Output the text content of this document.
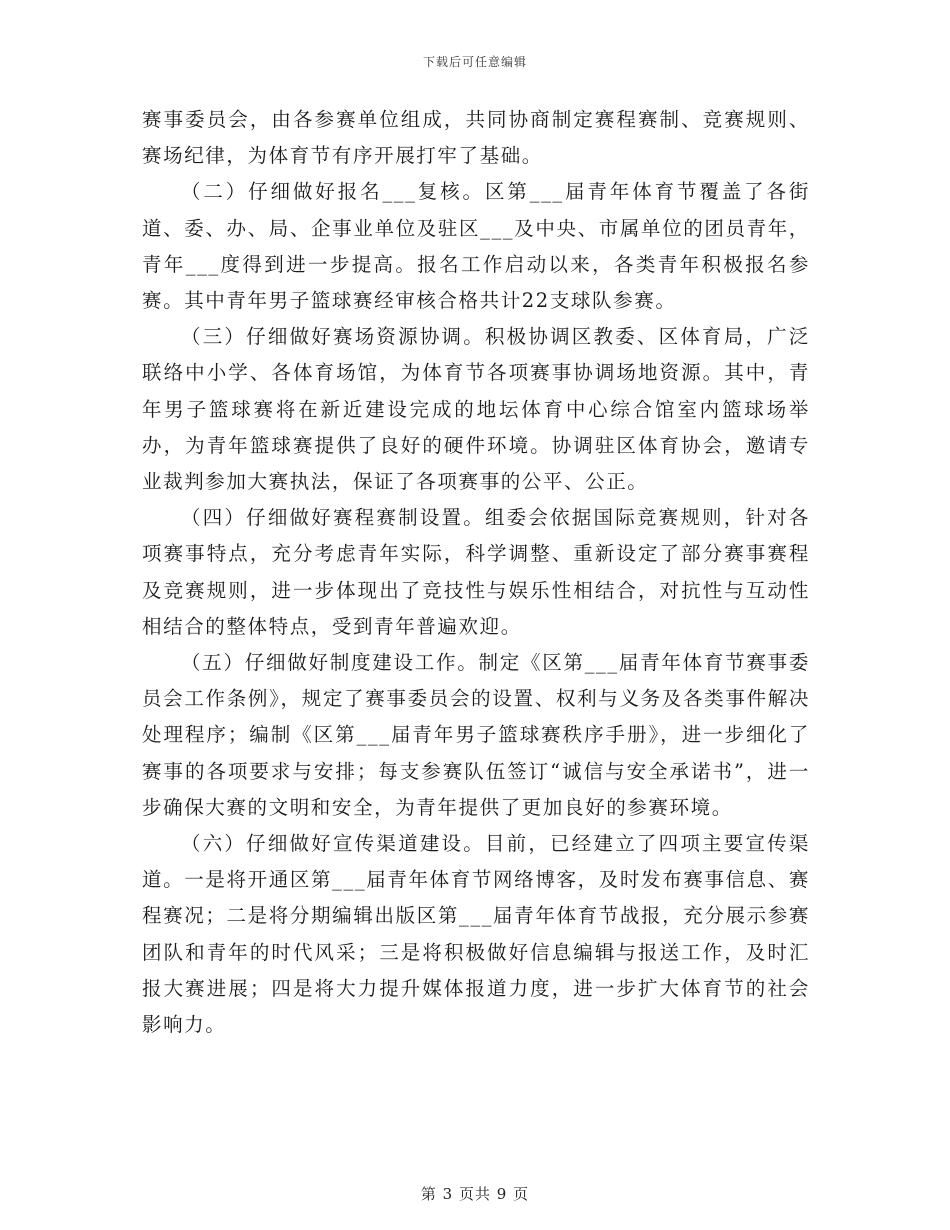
下载后可任意编辑

赛事委员会，由各参赛单位组成，共同协商制定赛程赛制、竞赛规则、赛场纪律，为体育节有序开展打牢了基础。

（二）仔细做好报名___复核。区第___届青年体育节覆盖了各街道、委、办、局、企事业单位及驻区___及中央、市属单位的团员青年，青年___度得到进一步提高。报名工作启动以来，各类青年积极报名参赛。其中青年男子篮球赛经审核合格共计22支球队参赛。

（三）仔细做好赛场资源协调。积极协调区教委、区体育局，广泛联络中小学、各体育场馆，为体育节各项赛事协调场地资源。其中，青年男子篮球赛将在新近建设完成的地坛体育中心综合馆室内篮球场举办，为青年篮球赛提供了良好的硬件环境。协调驻区体育协会，邀请专业裁判参加大赛执法，保证了各项赛事的公平、公正。

（四）仔细做好赛程赛制设置。组委会依据国际竞赛规则，针对各项赛事特点，充分考虑青年实际，科学调整、重新设定了部分赛事赛程及竞赛规则，进一步体现出了竞技性与娱乐性相结合，对抗性与互动性相结合的整体特点，受到青年普遍欢迎。

（五）仔细做好制度建设工作。制定《区第___届青年体育节赛事委员会工作条例》，规定了赛事委员会的设置、权利与义务及各类事件解决处理程序；编制《区第___届青年男子篮球赛秩序手册》，进一步细化了赛事的各项要求与安排；每支参赛队伍签订“诚信与安全承诺书”，进一步确保大赛的文明和安全，为青年提供了更加良好的参赛环境。

（六）仔细做好宣传渠道建设。目前，已经建立了四项主要宣传渠道。一是将开通区第___届青年体育节网络博客，及时发布赛事信息、赛程赛况；二是将分期编辑出版区第___届青年体育节战报，充分展示参赛团队和青年的时代风采；三是将积极做好信息编辑与报送工作，及时汇报大赛进展；四是将大力提升媒体报道力度，进一步扩大体育节的社会影响力。

第 3 页共 9 页
